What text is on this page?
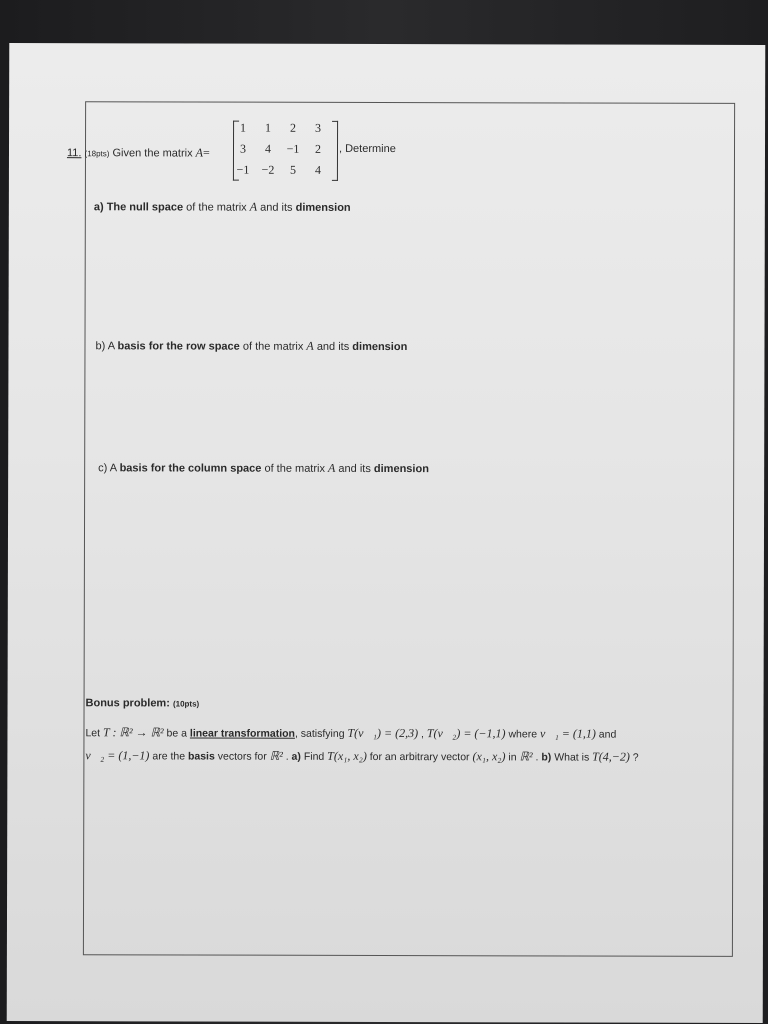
11. (18pts) Given the matrix A=
1	1	2	3
3	4	−1	2
−1	−2	5	4
, Determine
a) The null space of the matrix A and its dimension
b) A basis for the row space of the matrix A and its dimension
c) A basis for the column space of the matrix A and its dimension
Bonus problem: (10pts)
Let T : ℝ² → ℝ² be a linear transformation, satisfying T(v⃗₁) = (2,3) , T(v⃗₂) = (−1,1) where v⃗₁ = (1,1) and
v⃗₂ = (1,−1) are the basis vectors for ℝ² . a) Find T(x₁, x₂) for an arbitrary vector (x₁, x₂) in ℝ² . b) What is T(4,−2) ?
